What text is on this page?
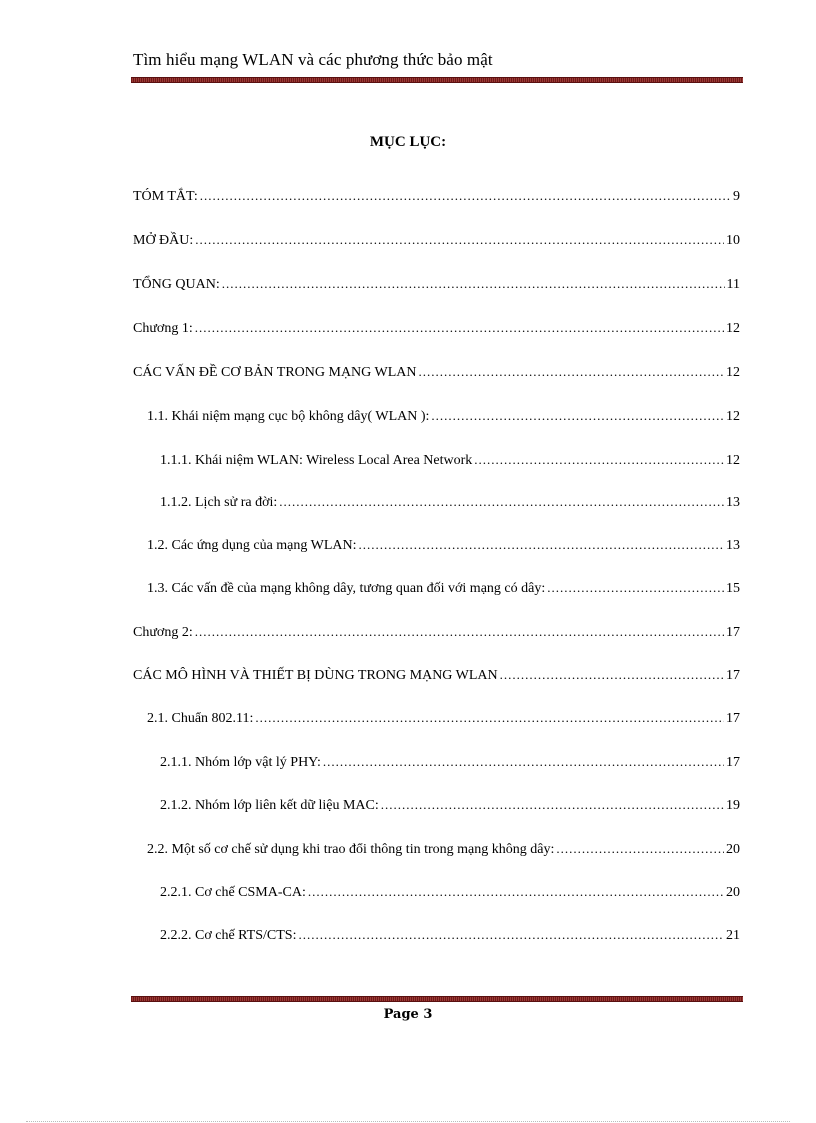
Tìm hiểu mạng WLAN và các phương thức bảo mật
MỤC LỤC:
TÓM TẮT: .....	9
MỞ ĐẦU: .....	10
TỔNG QUAN: .....	11
Chương 1: .....	12
CÁC VẤN ĐỀ CƠ BẢN TRONG MẠNG WLAN .....	12
1.1. Khái niệm mạng cục bộ không dây( WLAN ): .....	12
1.1.1. Khái niệm WLAN: Wireless Local Area Network .....	12
1.1.2. Lịch sử ra đời: .....	13
1.2. Các ứng dụng của mạng WLAN: .....	13
1.3. Các vấn đề của mạng không dây, tương quan đối với mạng có dây: .....	15
Chương 2: .....	17
CÁC MÔ HÌNH VÀ THIẾT BỊ DÙNG TRONG MẠNG WLAN .....	17
2.1. Chuẩn 802.11: .....	17
2.1.1. Nhóm lớp vật lý PHY: .....	17
2.1.2. Nhóm lớp liên kết dữ liệu MAC: .....	19
2.2. Một số cơ chế sử dụng khi trao đổi thông tin trong mạng không dây: .....	20
2.2.1. Cơ chế CSMA-CA: .....	20
2.2.2. Cơ chế RTS/CTS: .....	21
Page 3
